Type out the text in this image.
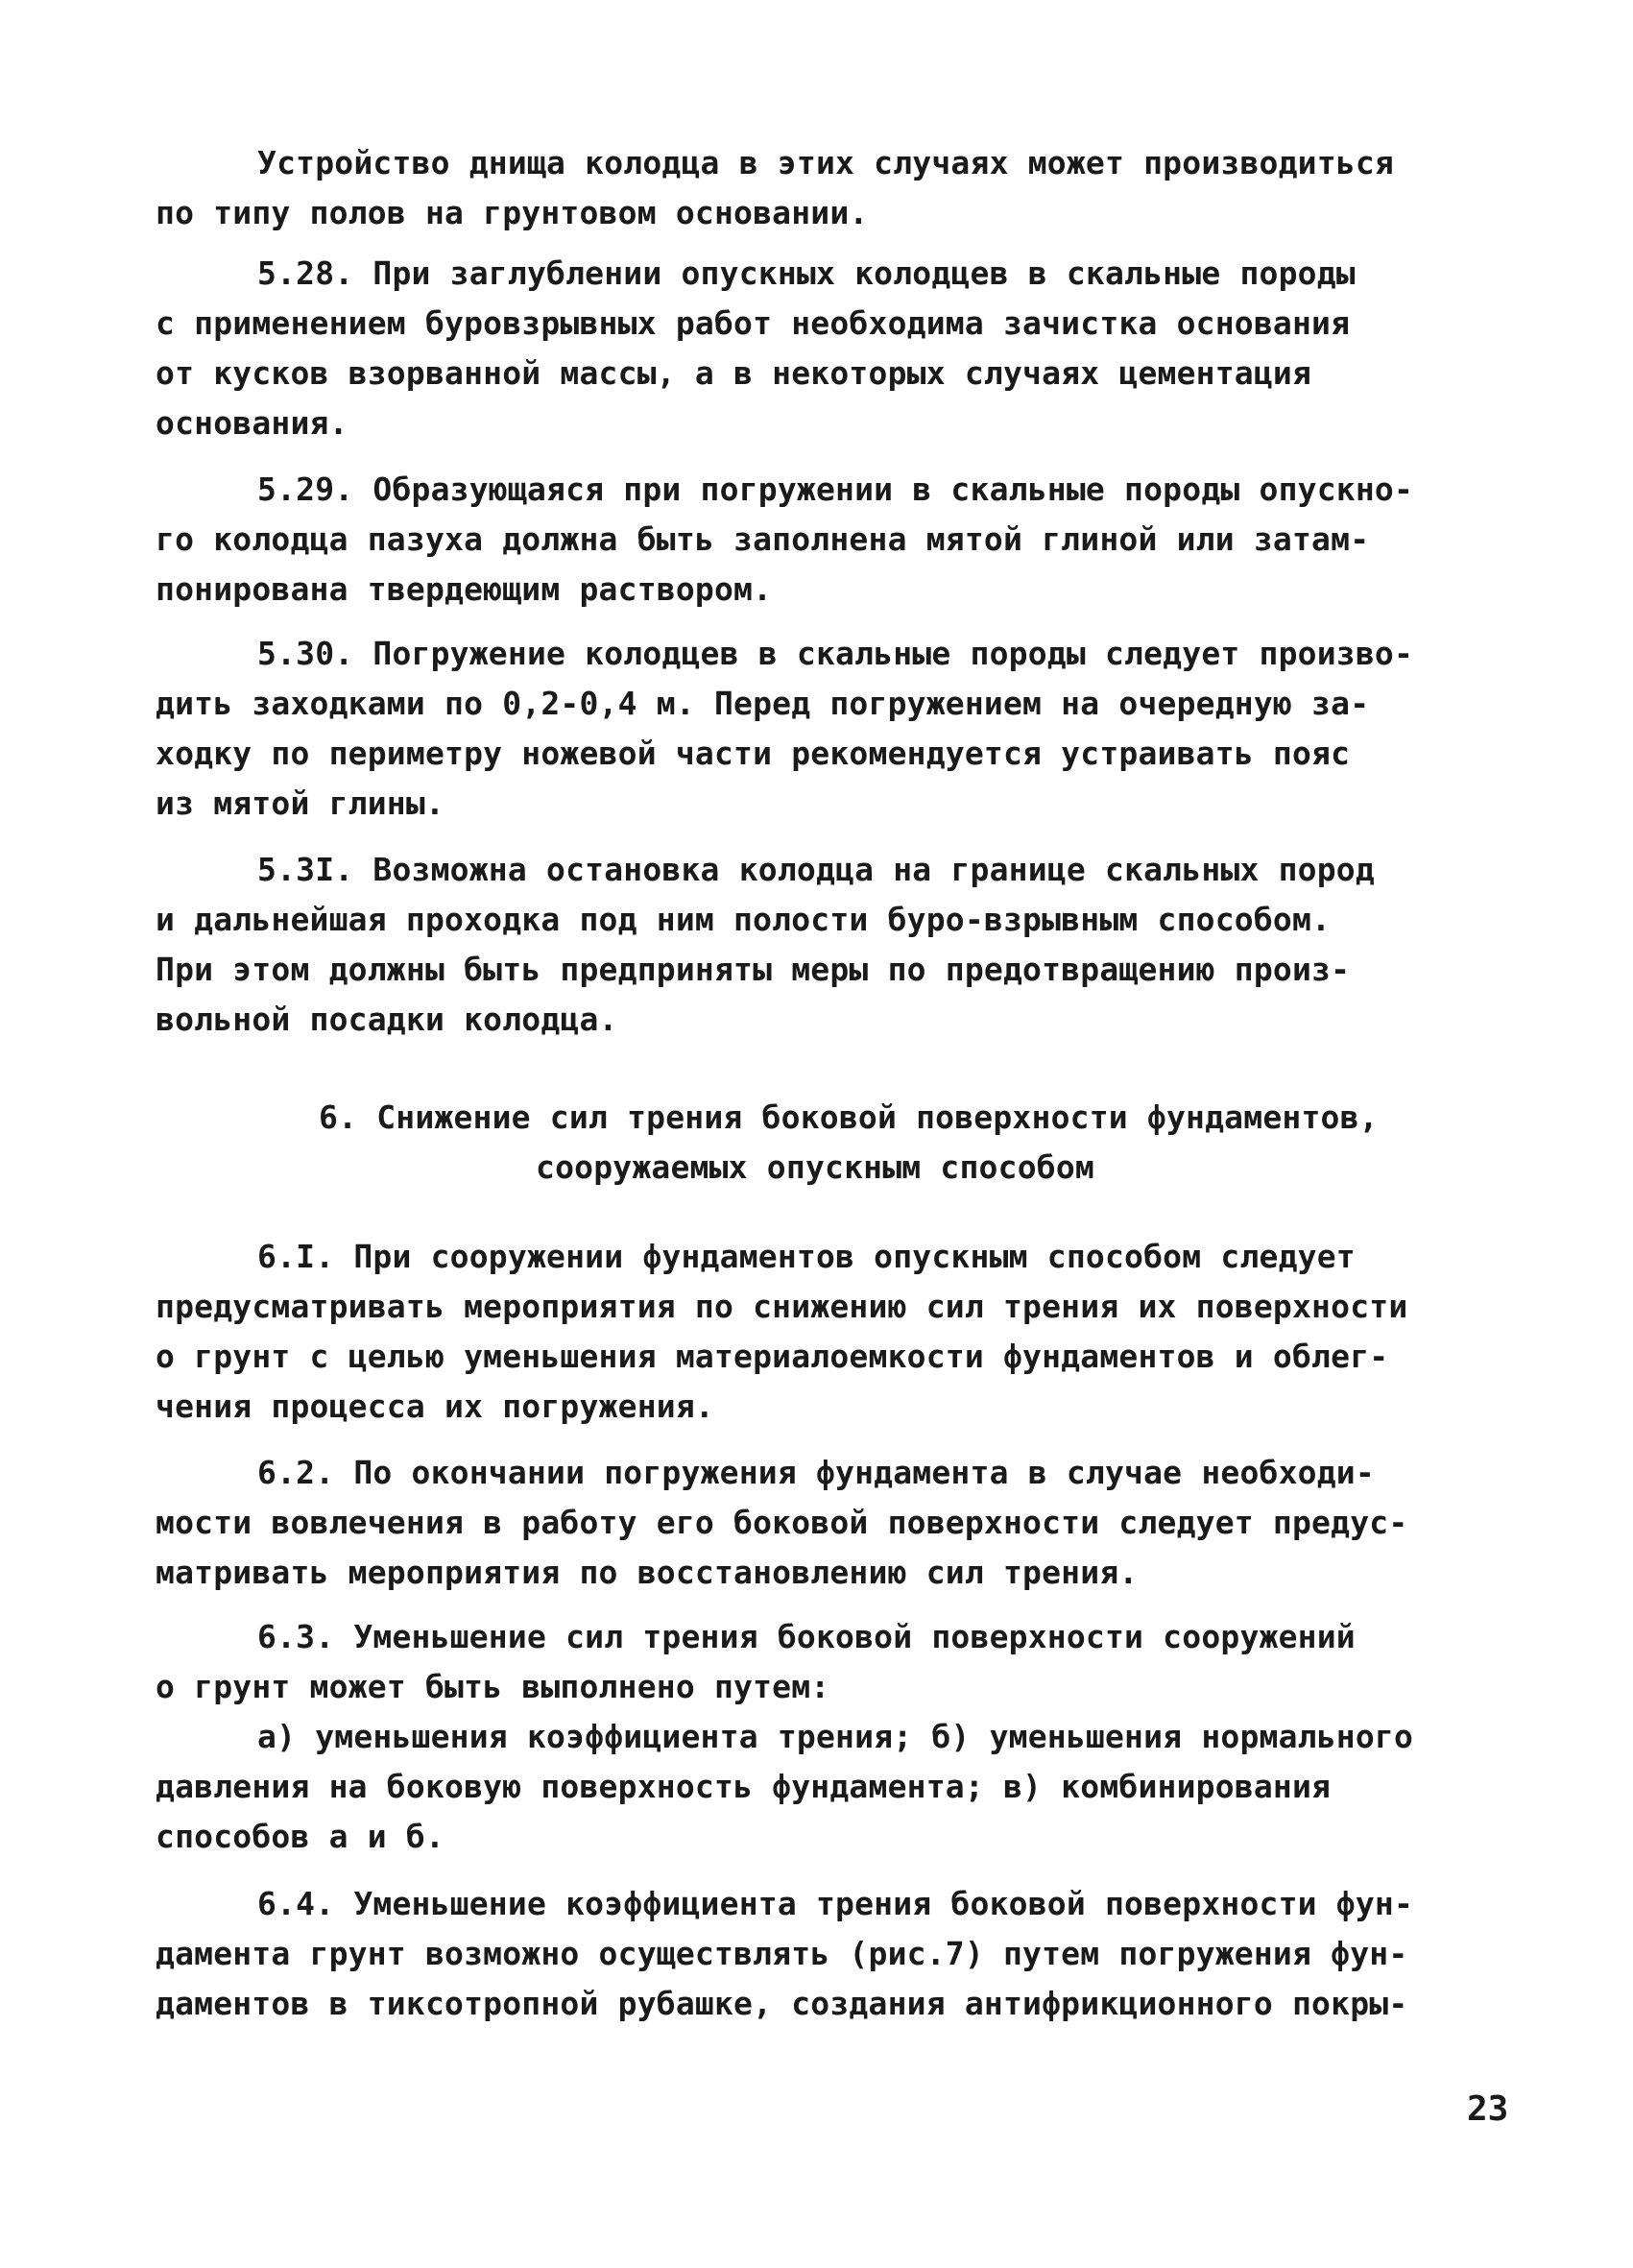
Устройство днища колодца в этих случаях может производиться
по типу полов на грунтовом основании.
5.28. При заглублении опускных колодцев в скальные породы
с применением буровзрывных работ необходима зачистка основания
от кусков взорванной массы, а в некоторых случаях цементация
основания.
5.29. Образующаяся при погружении в скальные породы опускно-
го колодца пазуха должна быть заполнена мятой глиной или затам-
понирована твердеющим раствором.
5.30. Погружение колодцев в скальные породы следует произво-
дить заходками по 0,2-0,4 м. Перед погружением на очередную за-
ходку по периметру ножевой части рекомендуется устраивать пояс
из мятой глины.
5.3I. Возможна остановка колодца на границе скальных пород
и дальнейшая проходка под ним полости буро-взрывным способом.
При этом должны быть предприняты меры по предотвращению произ-
вольной посадки колодца.
6. Снижение сил трения боковой поверхности фундаментов,
сооружаемых опускным способом
6.I. При сооружении фундаментов опускным способом следует
предусматривать мероприятия по снижению сил трения их поверхности
о грунт с целью уменьшения материалоемкости фундаментов и облег-
чения процесса их погружения.
6.2. По окончании погружения фундамента в случае необходи-
мости вовлечения в работу его боковой поверхности следует предус-
матривать мероприятия по восстановлению сил трения.
6.3. Уменьшение сил трения боковой поверхности сооружений
о грунт может быть выполнено путем:
а) уменьшения коэффициента трения; б) уменьшения нормального
давления на боковую поверхность фундамента; в) комбинирования
способов а и б.
6.4. Уменьшение коэффициента трения боковой поверхности фун-
дамента грунт возможно осуществлять (рис.7) путем погружения фун-
даментов в тиксотропной рубашке, создания антифрикционного покры-
23
